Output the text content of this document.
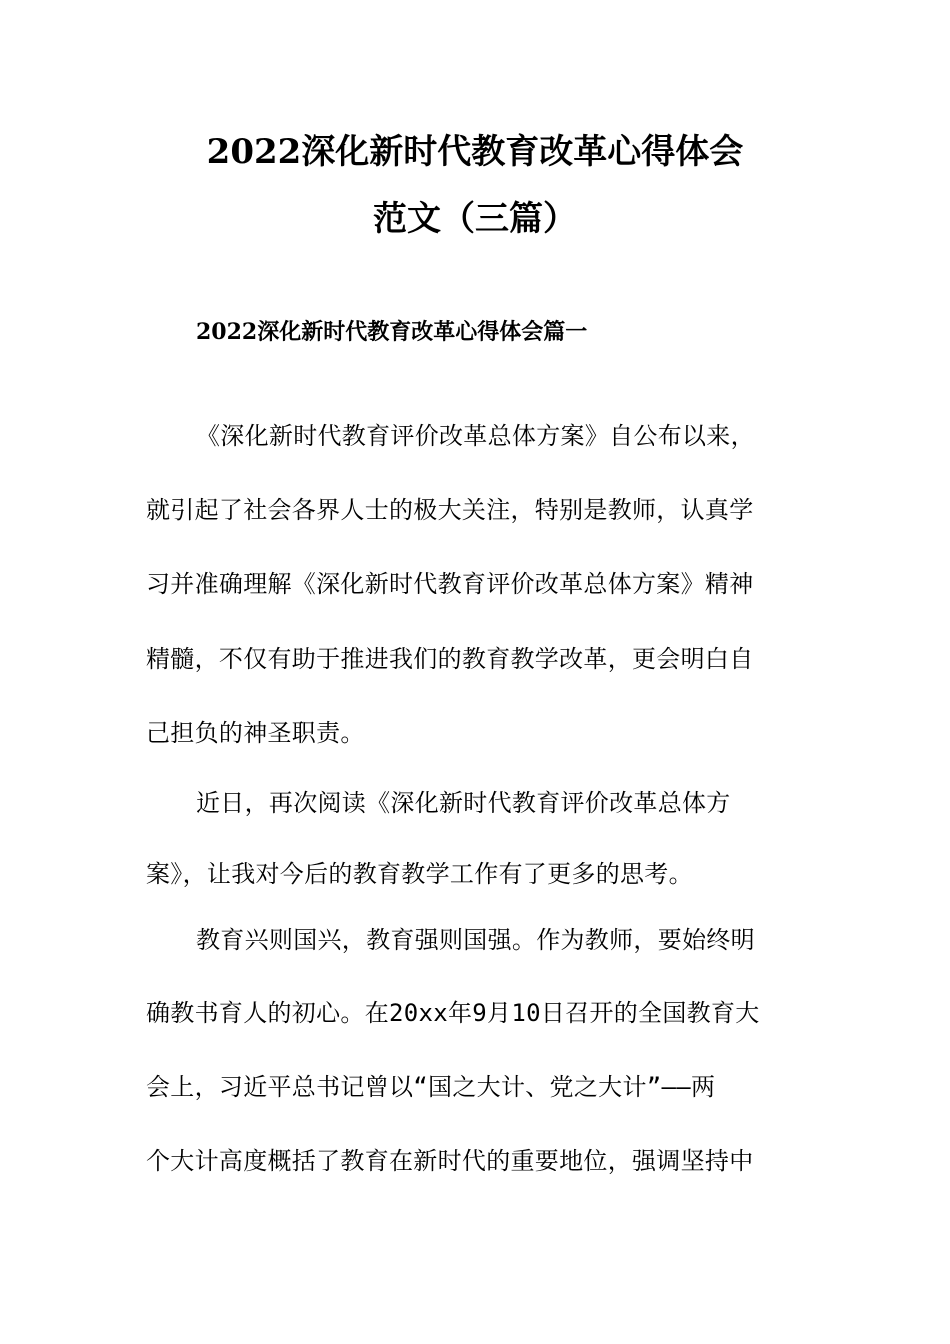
2022深化新时代教育改革心得体会
范文（三篇）
2022深化新时代教育改革心得体会篇一
《深化新时代教育评价改革总体方案》自公布以来，
就引起了社会各界人士的极大关注，特别是教师，认真学
习并准确理解《深化新时代教育评价改革总体方案》精神
精髓，不仅有助于推进我们的教育教学改革，更会明白自
己担负的神圣职责。
近日，再次阅读《深化新时代教育评价改革总体方
案》，让我对今后的教育教学工作有了更多的思考。
教育兴则国兴，教育强则国强。作为教师，要始终明
确教书育人的初心。在20xx年9月10日召开的全国教育大
会上，习近平总书记曾以“国之大计、党之大计”——两
个大计高度概括了教育在新时代的重要地位，强调坚持中
